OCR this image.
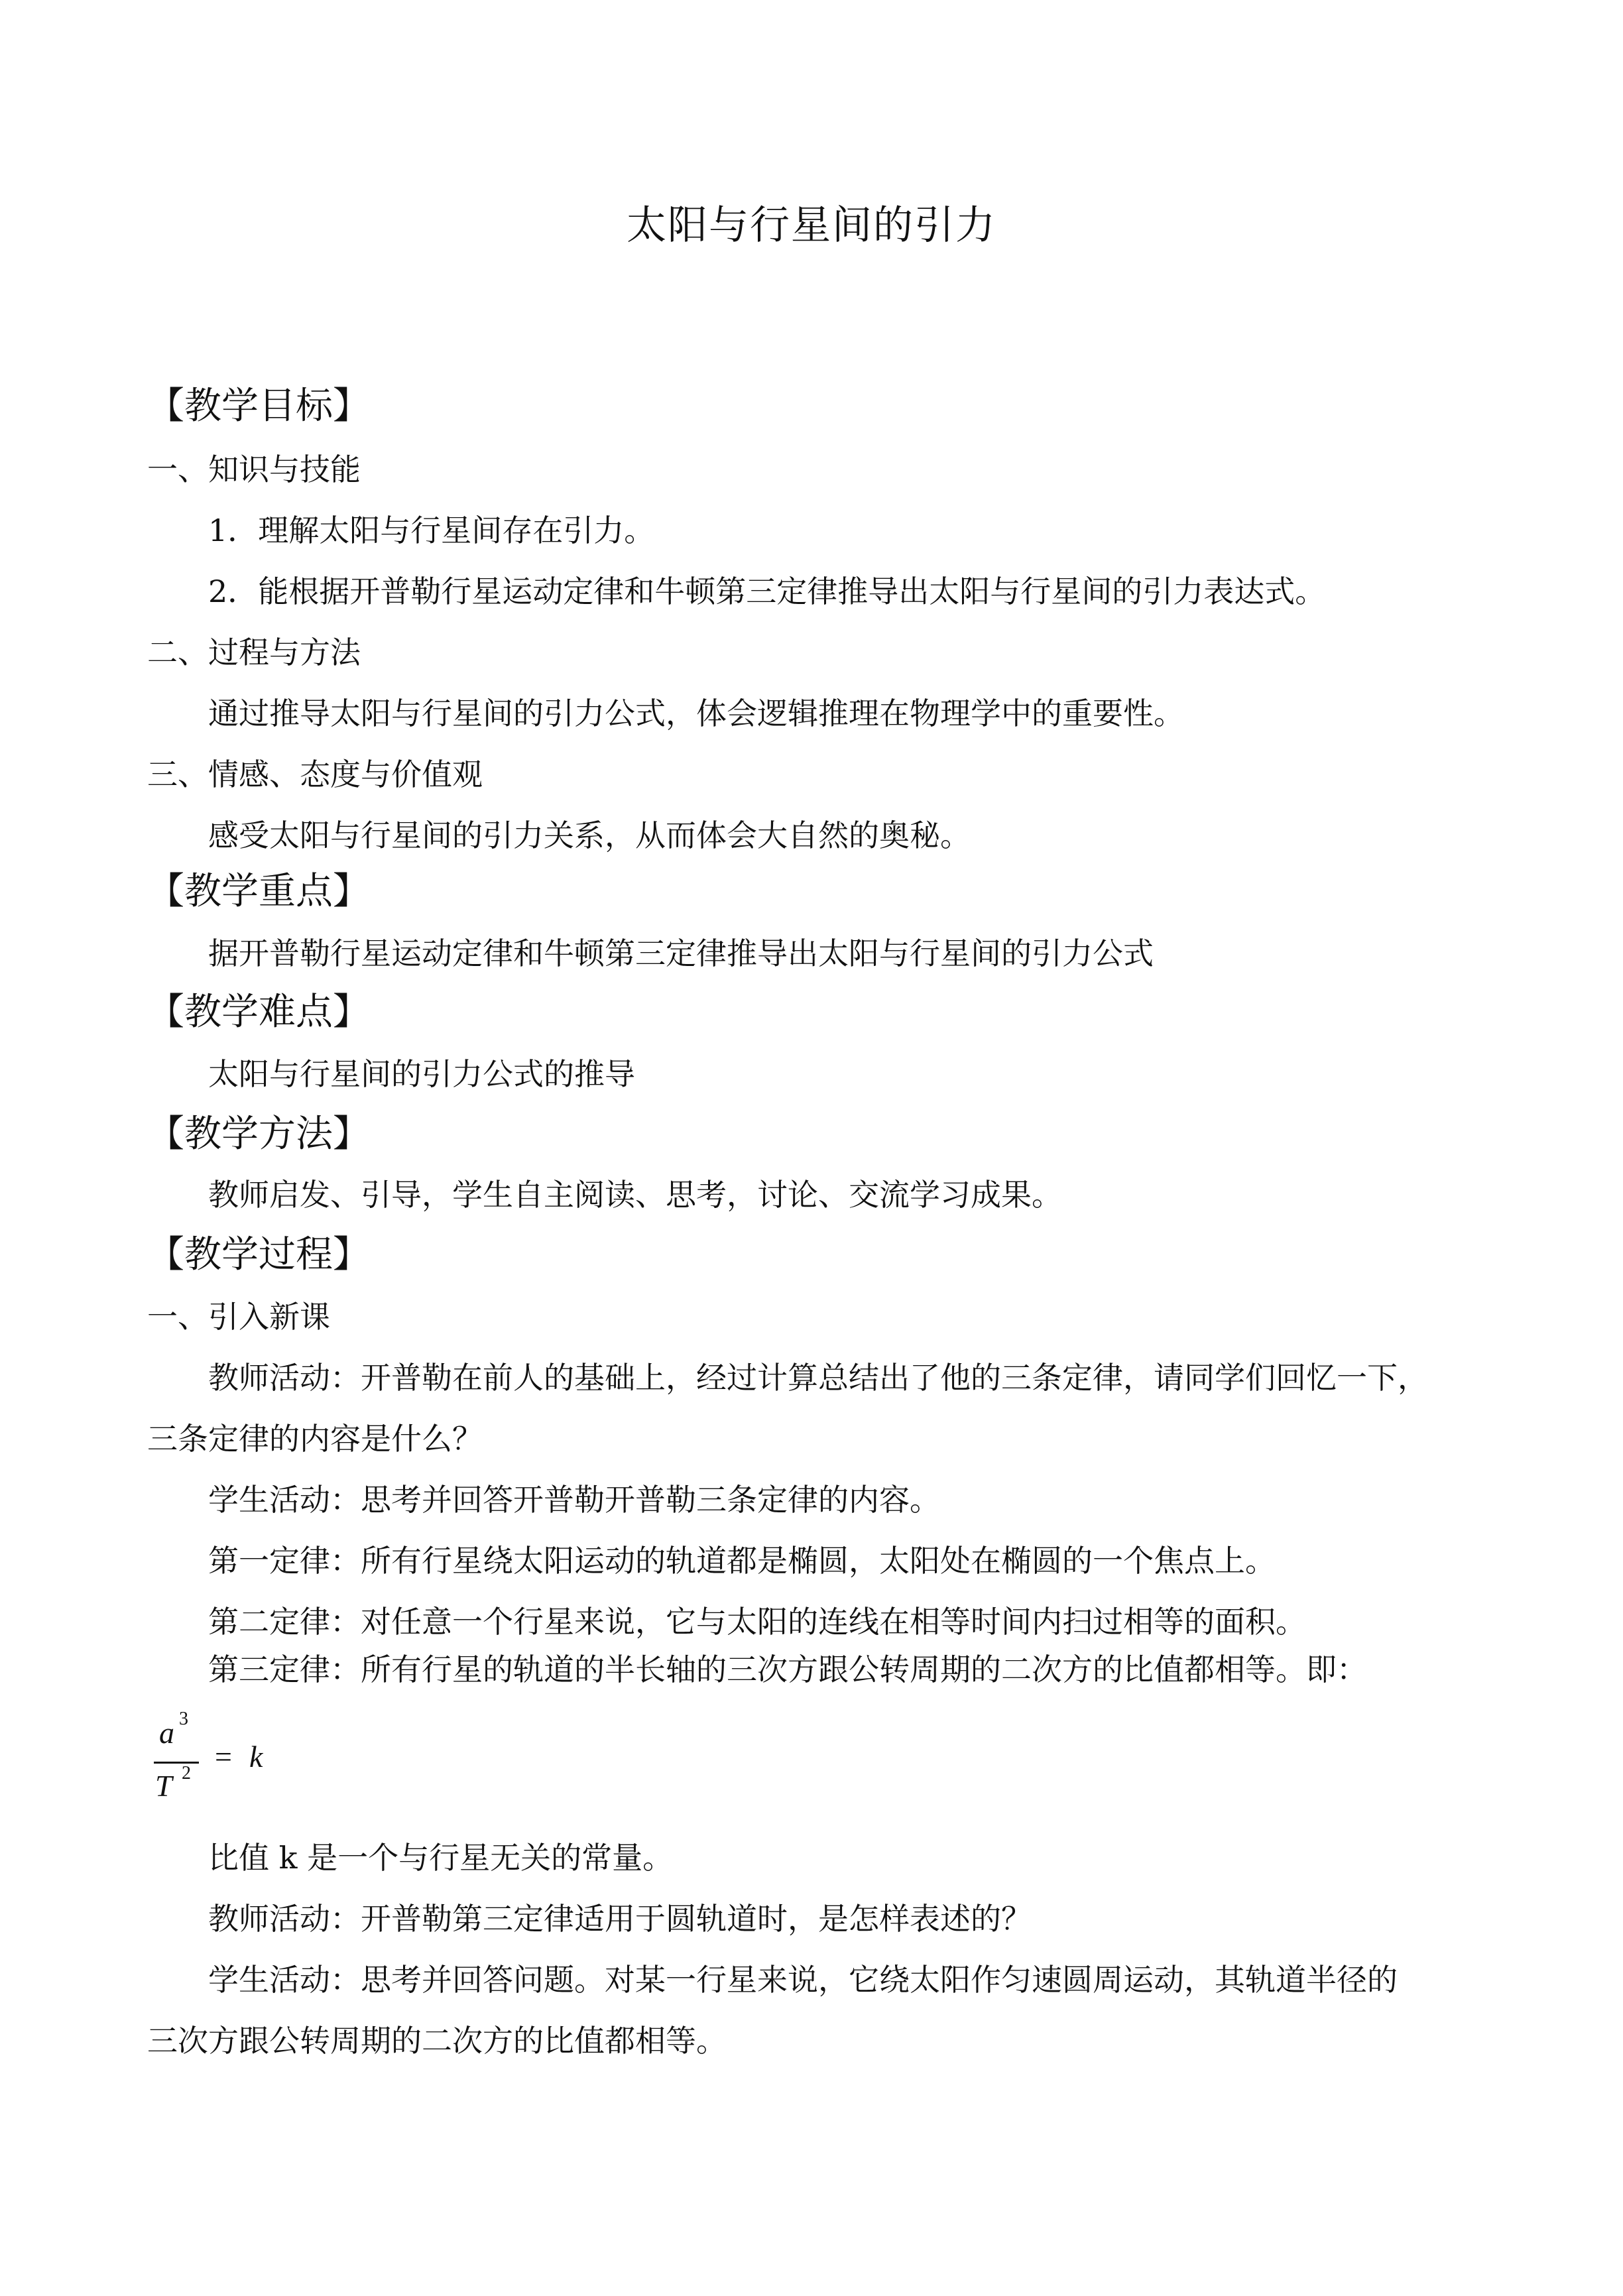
太阳与行星间的引力
【教学目标】
一、知识与技能
1．理解太阳与行星间存在引力。
2．能根据开普勒行星运动定律和牛顿第三定律推导出太阳与行星间的引力表达式。
二、过程与方法
通过推导太阳与行星间的引力公式，体会逻辑推理在物理学中的重要性。
三、情感、态度与价值观
感受太阳与行星间的引力关系，从而体会大自然的奥秘。
【教学重点】
据开普勒行星运动定律和牛顿第三定律推导出太阳与行星间的引力公式
【教学难点】
太阳与行星间的引力公式的推导
【教学方法】
教师启发、引导，学生自主阅读、思考，讨论、交流学习成果。
【教学过程】
一、引入新课
教师活动：开普勒在前人的基础上，经过计算总结出了他的三条定律，请同学们回忆一下，
三条定律的内容是什么？
学生活动：思考并回答开普勒开普勒三条定律的内容。
第一定律：所有行星绕太阳运动的轨道都是椭圆，太阳处在椭圆的一个焦点上。
第二定律：对任意一个行星来说，它与太阳的连线在相等时间内扫过相等的面积。
第三定律：所有行星的轨道的半长轴的三次方跟公转周期的二次方的比值都相等。即：
a 3
T 2 = k
比值 k 是一个与行星无关的常量。
教师活动：开普勒第三定律适用于圆轨道时，是怎样表述的？
学生活动：思考并回答问题。对某一行星来说，它绕太阳作匀速圆周运动，其轨道半径的
三次方跟公转周期的二次方的比值都相等。
